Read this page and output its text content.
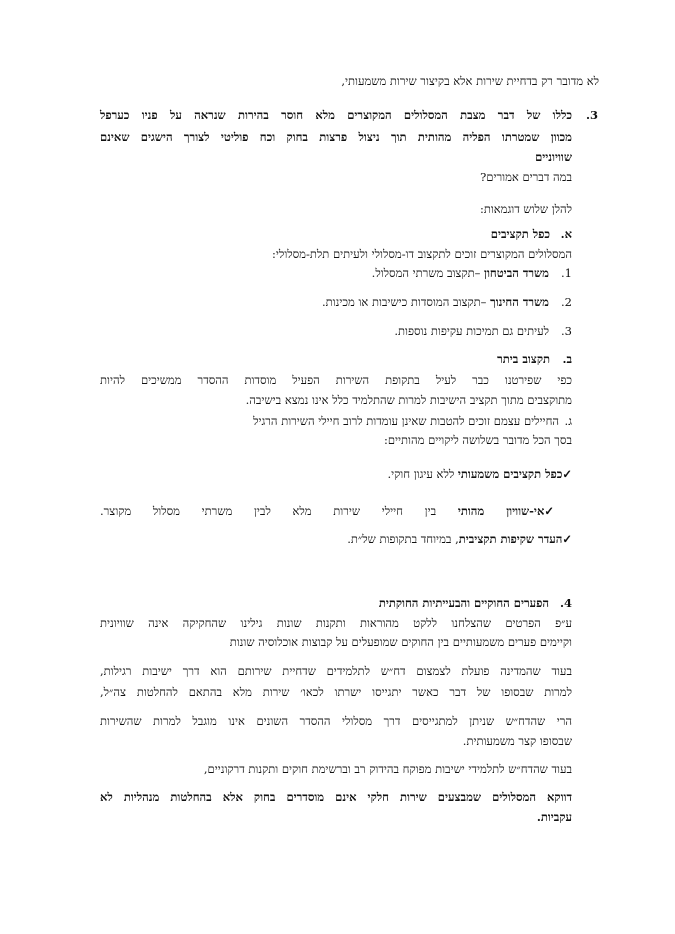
לא מדובר רק בדחיית שירות אלא בקיצור שירות משמעותי,
3.
כללו של דבר מצבת המסלולים המקוצרים מלא חוסר בהירות שנראה על פניו כערפל
מכוון שמטרתו הפליה מהותית תוך ניצול פרצות בחוק וכח פוליטי לצורך הישגים שאינם
שוויוניים
במה דברים אמורים?
להלן שלוש דוגמאות:
א.
כפל תקציבים
המסלולים המקוצרים זוכים לתקצוב דו-מסלולי ולעיתים תלת-מסלולי:
1.
משרד הביטחון –תקצוב משרתי המסלול.
2.
משרד החינוך –תקצוב המוסדות כישיבות או מכינות.
3.
לעיתים גם תמיכות עקיפות נוספות.
ב.
תקצוב ביתר
כפי שפירטנו כבר לעיל בתקופת השירות הפעיל מוסדות ההסדר ממשיכים להיות
מתוקצבים מתוך תקציב הישיבות למרות שהתלמיד כלל אינו נמצא בישיבה.
ג.
החיילים עצמם זוכים להטבות שאינן עומדות לרוב חיילי השירות הרגיל
בסך הכל מדובר בשלושה ליקויים מהותיים:
✓כפל תקציבים משמעותי ללא עיגון חוקי.
✓אי-שוויון מהותי בין חיילי שירות מלא לבין משרתי מסלול מקוצר.
✓העדר שקיפות תקציבית, במיוחד בתקופות של״ת.
4.
הפערים החוקיים והבעייתיות החוקתית
ע״פ הפרטים שהצלחנו ללקט מהוראות ותקנות שונות גילינו שהחקיקה אינה שוויונית
וקיימים פערים משמעותיים בין החוקים שמופעלים על קבוצות אוכלוסיה שונות
בעוד שהמדינה פועלת לצמצום דח״ש לתלמידים שדחיית שירותם הוא דרך ישיבות רגילות,
למרות שבסופו של דבר כאשר יתגייסו ישרתו לכאו׳ שירות מלא בהתאם להחלטות צה״ל,
הרי שהדח״ש שניתן למתגייסים דרך מסלולי ההסדר השונים אינו מוגבל למרות שהשירות
שבסופו קצר משמעותית.
בעוד שהדח״ש לתלמידי ישיבות מפוקח בהידוק רב וברשימת חוקים ותקנות דרקוניים,
דווקא המסלולים שמבצעים שירות חלקי אינם מוסדרים בחוק אלא בהחלטות מנהליות לא
עקביות.
